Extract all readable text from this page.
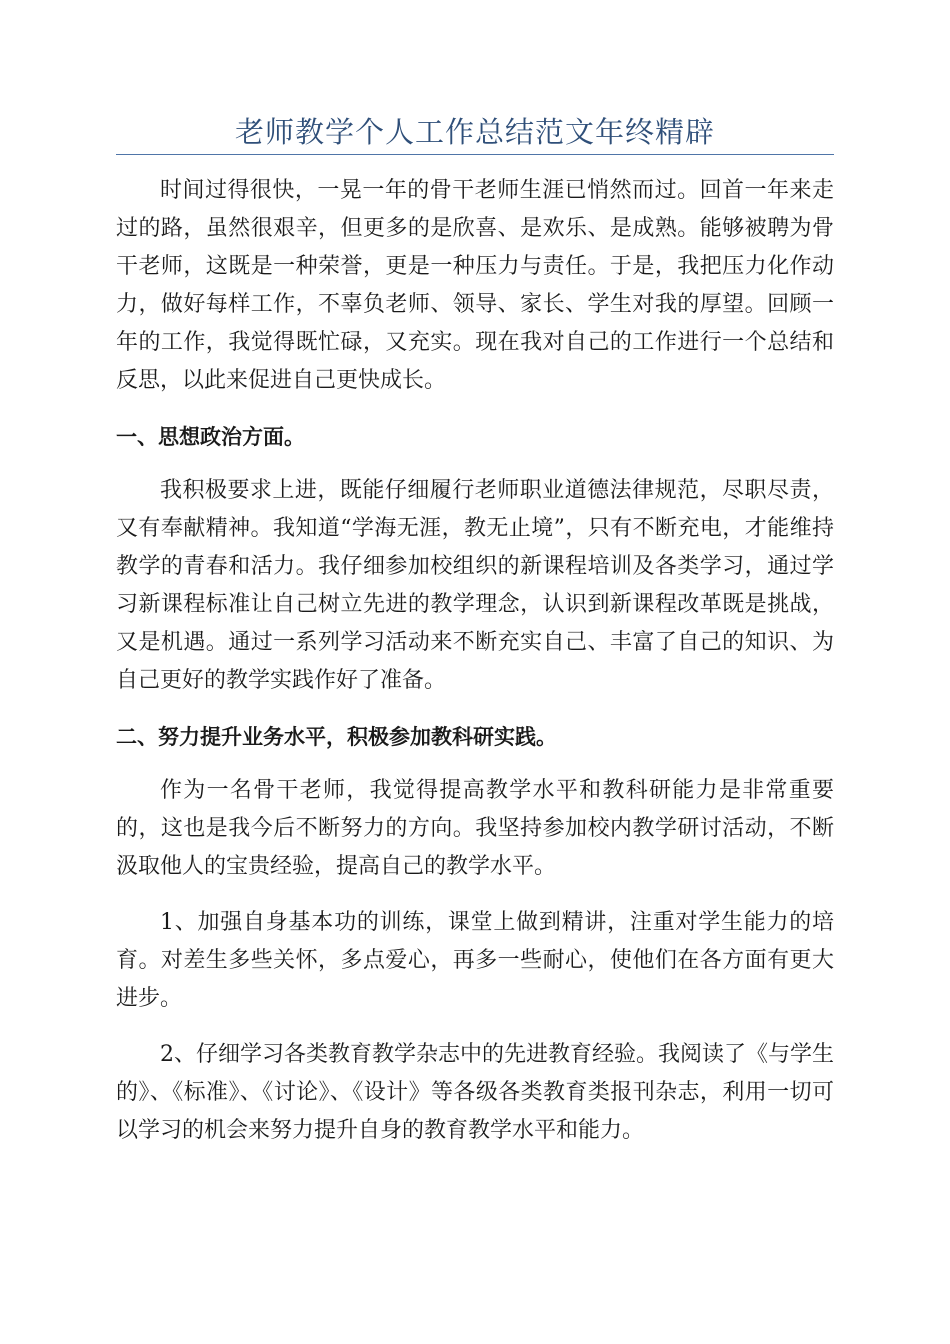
老师教学个人工作总结范文年终精辟

时间过得很快，一晃一年的骨干老师生涯已悄然而过。回首一年来走过的路，虽然很艰辛，但更多的是欣喜、是欢乐、是成熟。能够被聘为骨干老师，这既是一种荣誉，更是一种压力与责任。于是，我把压力化作动力，做好每样工作，不辜负老师、领导、家长、学生对我的厚望。回顾一年的工作，我觉得既忙碌，又充实。现在我对自己的工作进行一个总结和反思，以此来促进自己更快成长。

一、思想政治方面。

我积极要求上进，既能仔细履行老师职业道德法律规范，尽职尽责，又有奉献精神。我知道“学海无涯，教无止境”，只有不断充电，才能维持教学的青春和活力。我仔细参加校组织的新课程培训及各类学习，通过学习新课程标准让自己树立先进的教学理念，认识到新课程改革既是挑战，又是机遇。通过一系列学习活动来不断充实自己、丰富了自己的知识、为自己更好的教学实践作好了准备。

二、努力提升业务水平，积极参加教科研实践。

作为一名骨干老师，我觉得提高教学水平和教科研能力是非常重要的，这也是我今后不断努力的方向。我坚持参加校内教学研讨活动，不断汲取他人的宝贵经验，提高自己的教学水平。

1、加强自身基本功的训练，课堂上做到精讲，注重对学生能力的培育。对差生多些关怀，多点爱心，再多一些耐心，使他们在各方面有更大进步。

2、仔细学习各类教育教学杂志中的先进教育经验。我阅读了《与学生的》、《标准》、《讨论》、《设计》等各级各类教育类报刊杂志，利用一切可以学习的机会来努力提升自身的教育教学水平和能力。
